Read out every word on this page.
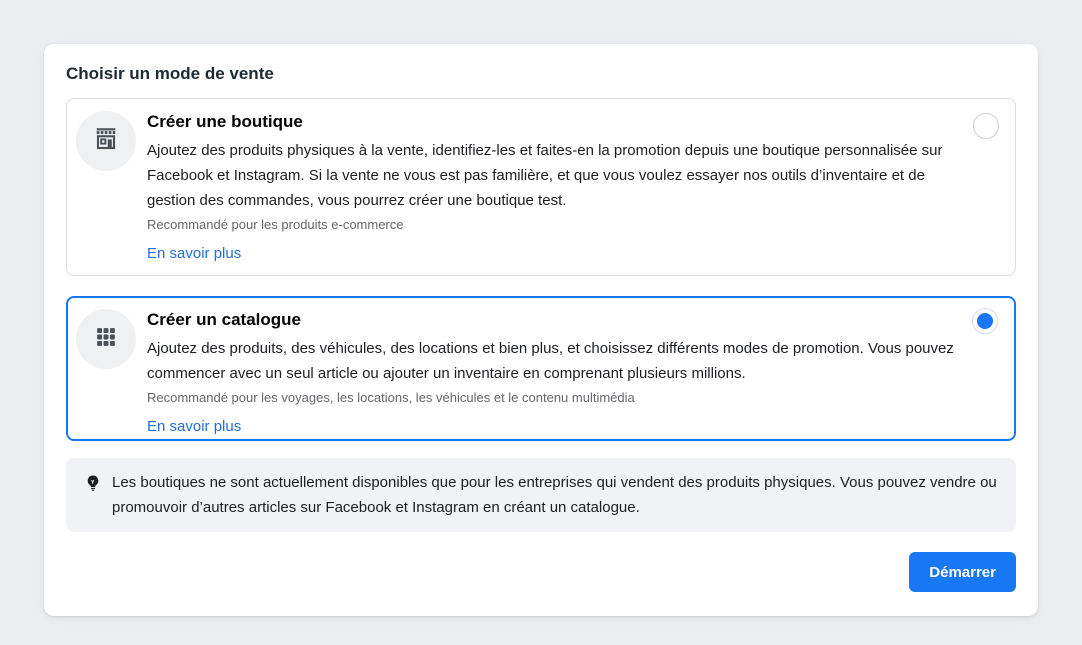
Choisir un mode de vente
Créer une boutique

Ajoutez des produits physiques à la vente, identifiez-les et faites-en la promotion depuis une boutique personnalisée sur Facebook et Instagram. Si la vente ne vous est pas familière, et que vous voulez essayer nos outils d’inventaire et de gestion des commandes, vous pourrez créer une boutique test.

Recommandé pour les produits e-commerce

En savoir plus
Créer un catalogue

Ajoutez des produits, des véhicules, des locations et bien plus, et choisissez différents modes de promotion. Vous pouvez commencer avec un seul article ou ajouter un inventaire en comprenant plusieurs millions.

Recommandé pour les voyages, les locations, les véhicules et le contenu multimédia

En savoir plus

Les boutiques ne sont actuellement disponibles que pour les entreprises qui vendent des produits physiques. Vous pouvez vendre ou promouvoir d’autres articles sur Facebook et Instagram en créant un catalogue.

Démarrer
